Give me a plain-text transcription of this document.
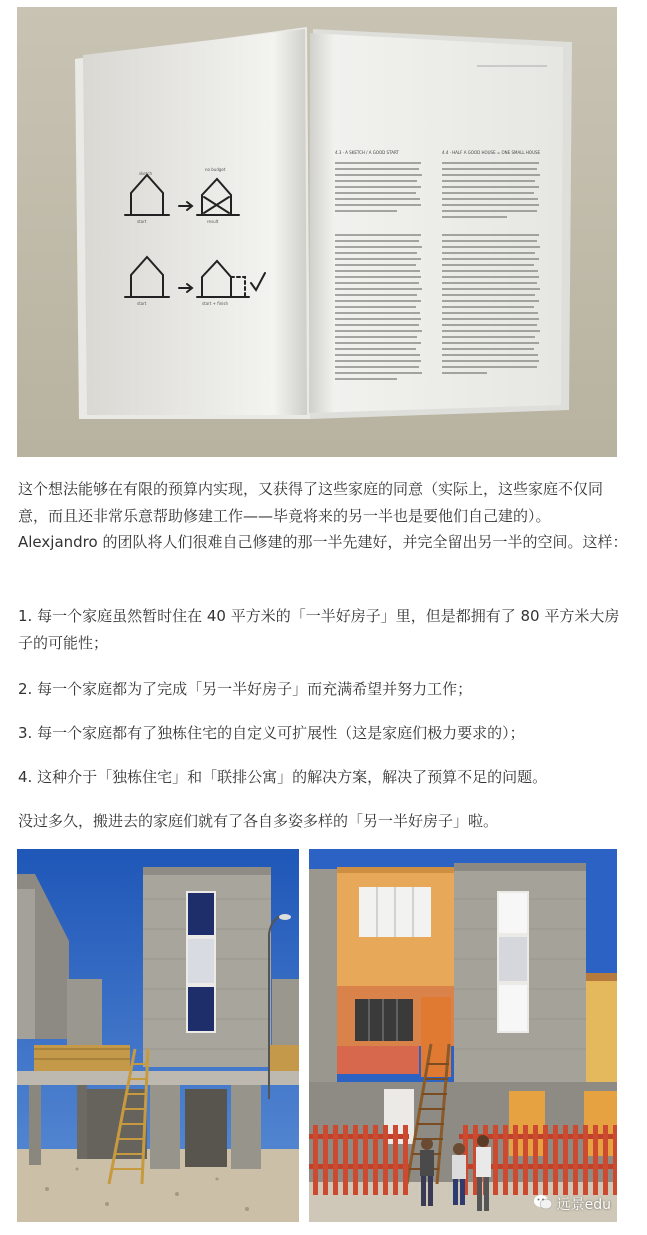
sketch
no budget
start	result
start	start + finish
4.3 · A SKETCH / A GOOD START	4.4 · HALF A GOOD HOUSE = ONE SMALL HOUSE

这个想法能够在有限的预算内实现，又获得了这些家庭的同意（实际上，这些家庭不仅同意，而且还非常乐意帮助修建工作——毕竟将来的另一半也是要他们自己建的）。Alexjandro 的团队将人们很难自己修建的那一半先建好，并完全留出另一半的空间。这样：

1. 每一个家庭虽然暂时住在 40 平方米的「一半好房子」里，但是都拥有了 80 平方米大房子的可能性；

2. 每一个家庭都为了完成「另一半好房子」而充满希望并努力工作；

3. 每一个家庭都有了独栋住宅的自定义可扩展性（这是家庭们极力要求的）；

4. 这种介于「独栋住宅」和「联排公寓」的解决方案，解决了预算不足的问题。

没过多久，搬进去的家庭们就有了各自多姿多样的「另一半好房子」啦。

远景edu
